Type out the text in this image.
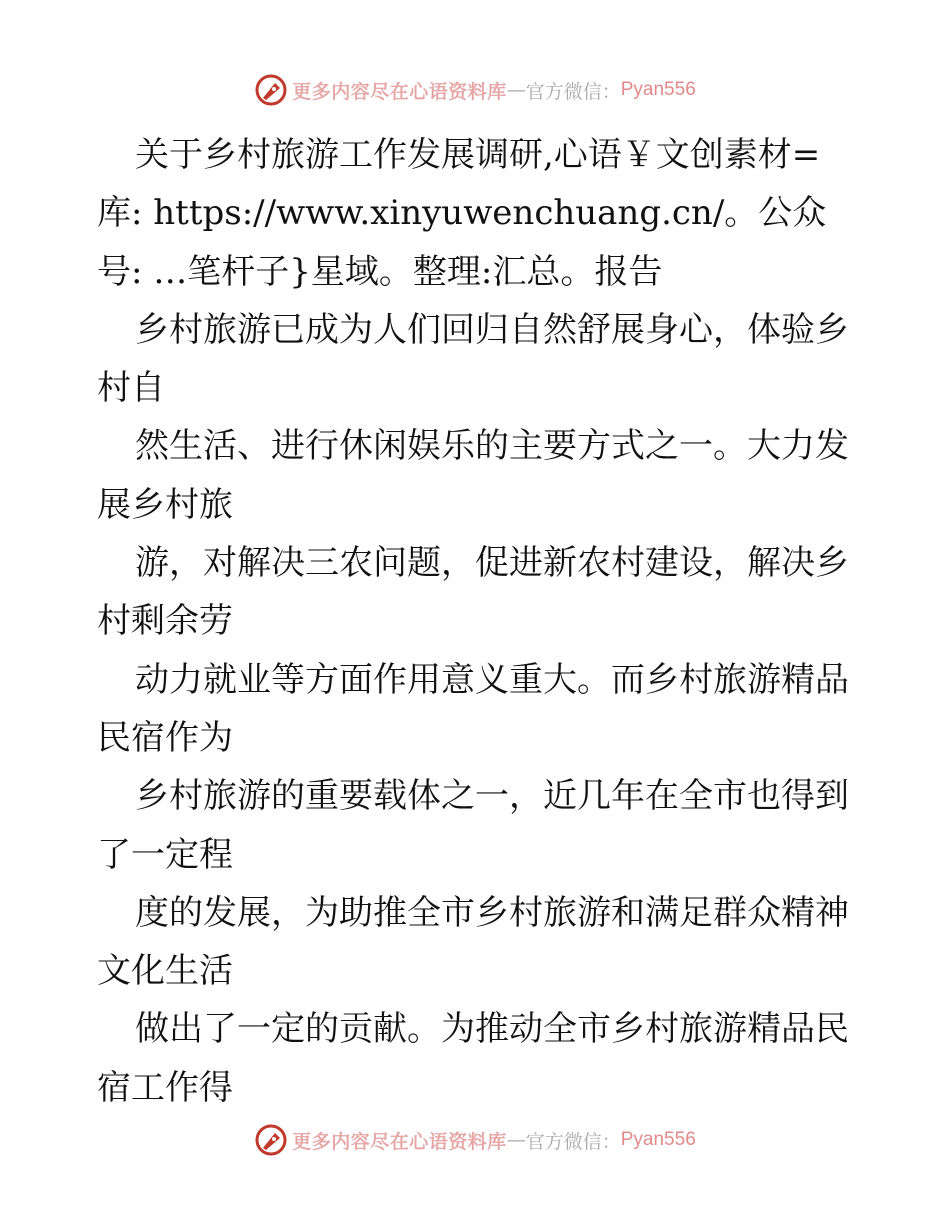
更多内容尽在心语资料库 — 官方微信： Pyan556
关于乡村旅游工作发展调研,心语￥文创素材=
库: https://www.xinyuwenchuang.cn/。公众
号: …笔杆子}星域。整理:汇总。报告
乡村旅游已成为人们回归自然舒展身心，体验乡
村自
然生活、进行休闲娱乐的主要方式之一。大力发
展乡村旅
游，对解决三农问题，促进新农村建设，解决乡
村剩余劳
动力就业等方面作用意义重大。而乡村旅游精品
民宿作为
乡村旅游的重要载体之一，近几年在全市也得到
了一定程
度的发展，为助推全市乡村旅游和满足群众精神
文化生活
做出了一定的贡献。为推动全市乡村旅游精品民
宿工作得
更多内容尽在心语资料库 — 官方微信： Pyan556
